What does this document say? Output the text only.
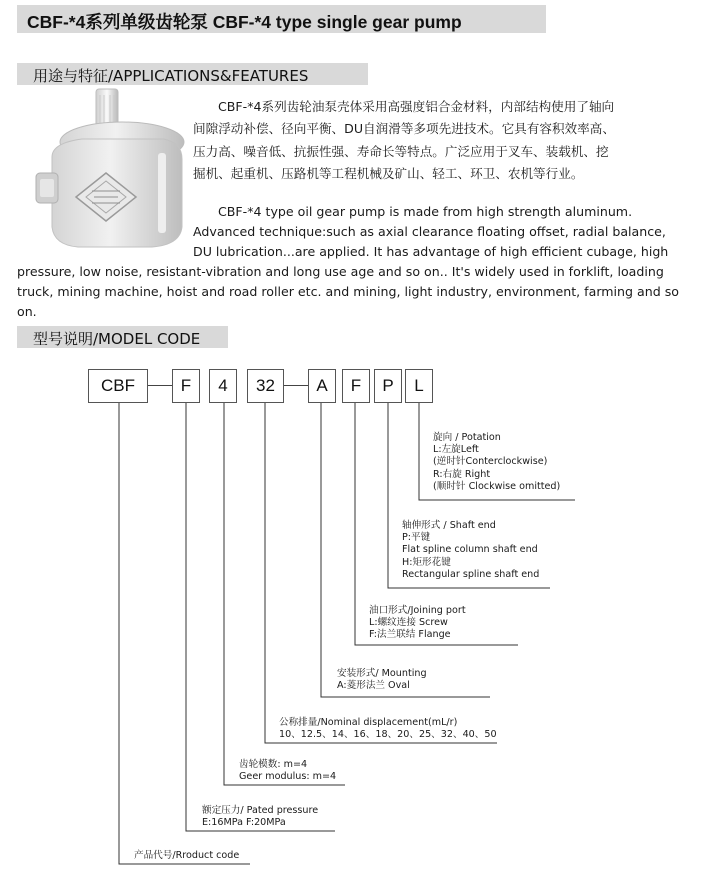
CBF-*4系列单级齿轮泵 CBF-*4 type single gear pump
用途与特征/APPLICATIONS&FEATURES
CBF-*4系列齿轮油泵壳体采用高强度铝合金材料，内部结构使用了轴向
间隙浮动补偿、径向平衡、DU自润滑等多项先进技术。它具有容积效率高、
压力高、噪音低、抗振性强、寿命长等特点。广泛应用于叉车、装载机、挖
掘机、起重机、压路机等工程机械及矿山、轻工、环卫、农机等行业。
CBF-*4 type oil gear pump is made from high strength aluminum.
Advanced technique:such as axial clearance floating offset, radial balance,
DU lubrication...are applied. It has advantage of high efficient cubage, high
pressure, low noise, resistant-vibration and long use age and so on.. It's widely used in forklift, loading
truck, mining machine, hoist and road roller etc. and mining, light industry, environment, farming and so
on.
型号说明/MODEL CODE
CBF	F	4	32	A	F	P	L
旋向 / Potation
L:左旋Left
(逆时针Conterclockwise)
R:右旋 Right
(顺时针 Clockwise omitted)
轴伸形式 / Shaft end
P:平键
Flat spline column shaft end
H:矩形花键
Rectangular spline shaft end
油口形式/Joining port
L:螺纹连接 Screw
F:法兰联结 Flange
安装形式/ Mounting
A:菱形法兰 Oval
公称排量/Nominal displacement(mL/r)
10、12.5、14、16、18、20、25、32、40、50
齿轮模数: m=4
Geer modulus: m=4
额定压力/ Pated pressure
E:16MPa F:20MPa
产品代号/Rroduct code
